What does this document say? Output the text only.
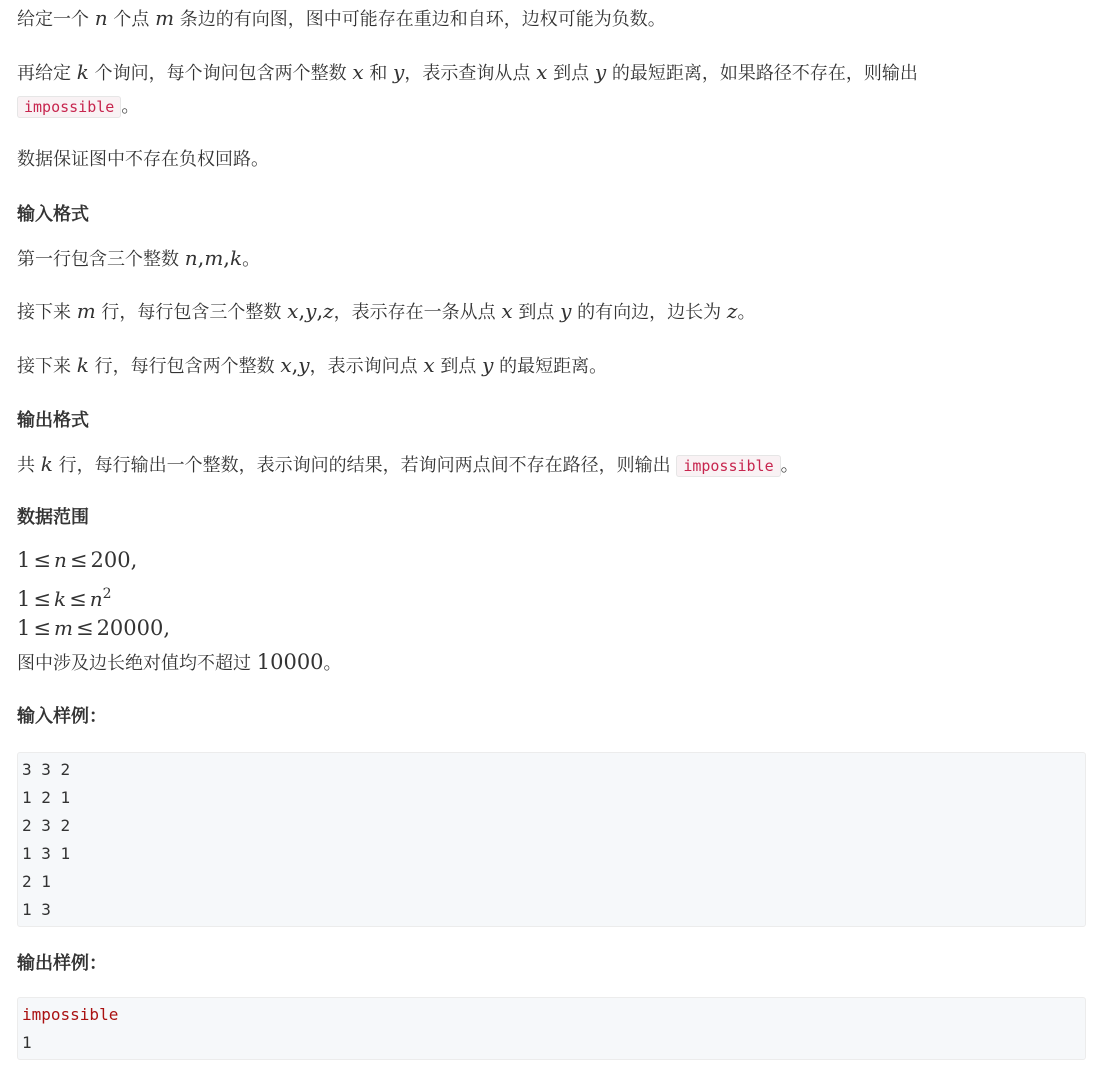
给定一个 n 个点 m 条边的有向图，图中可能存在重边和自环，边权可能为负数。
再给定 k 个询问，每个询问包含两个整数 x 和 y，表示查询从点 x 到点 y 的最短距离，如果路径不存在，则输出
impossible 。
数据保证图中不存在负权回路。
输入格式
第一行包含三个整数 n,m,k。
接下来 m 行，每行包含三个整数 x,y,z，表示存在一条从点 x 到点 y 的有向边，边长为 z。
接下来 k 行，每行包含两个整数 x,y，表示询问点 x 到点 y 的最短距离。
输出格式
共 k 行，每行输出一个整数，表示询问的结果，若询问两点间不存在路径，则输出 impossible 。
数据范围
1 ≤ n ≤ 200,
$1 \le k \le n^2$
1 ≤ m ≤ 20000,
图中涉及边长绝对值均不超过 10000。
输入样例：
3 3 2
1 2 1
2 3 2
1 3 1
2 1
1 3
输出样例：
impossible
1
